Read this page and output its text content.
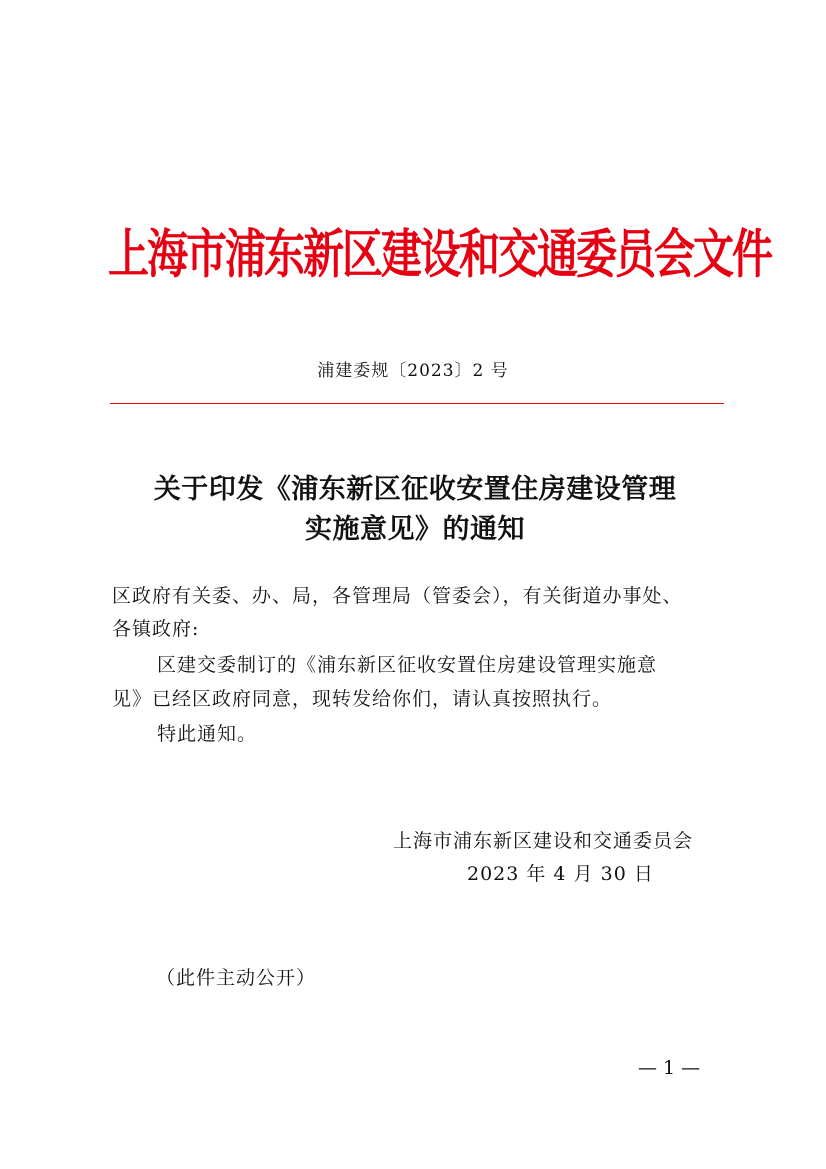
上海市浦东新区建设和交通委员会文件
浦建委规〔2023〕2 号
关于印发《浦东新区征收安置住房建设管理
实施意见》的通知
区政府有关委、办、局，各管理局（管委会），有关街道办事处、
各镇政府:
区建交委制订的《浦东新区征收安置住房建设管理实施意
见》已经区政府同意，现转发给你们，请认真按照执行。
特此通知。
上海市浦东新区建设和交通委员会
2023 年 4 月 30 日
（此件主动公开）
— 1 —
